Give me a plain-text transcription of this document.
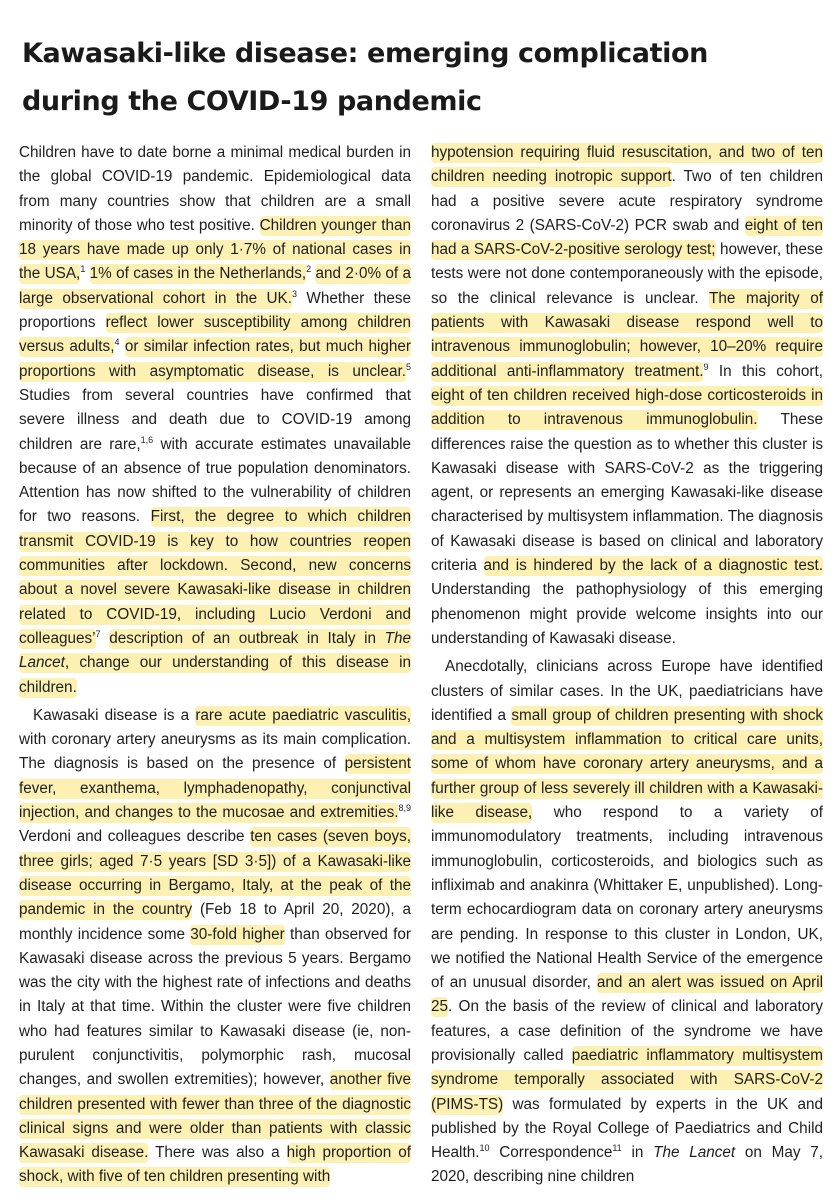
Kawasaki-like disease: emerging complication during the COVID-19 pandemic

Children have to date borne a minimal medical burden in the global COVID-19 pandemic. Epidemiological data from many countries show that children are a small minority of those who test positive. Children younger than 18 years have made up only 1·7% of national cases in the USA,$^1$ 1% of cases in the Netherlands,$^2$ and 2·0% of a large observational cohort in the UK.$^3$ Whether these proportions reflect lower susceptibility among children versus adults,$^4$ or similar infection rates, but much higher proportions with asymptomatic disease, is unclear.$^5$ Studies from several countries have confirmed that severe illness and death due to COVID-19 among children are rare,$^{1,6}$ with accurate estimates unavailable because of an absence of true population denominators. Attention has now shifted to the vulnerability of children for two reasons. First, the degree to which children transmit COVID-19 is key to how countries reopen communities after lockdown. Second, new concerns about a novel severe Kawasaki-like disease in children related to COVID-19, including Lucio Verdoni and colleagues’$^7$ description of an outbreak in Italy in The Lancet, change our understanding of this disease in children.

Kawasaki disease is a rare acute paediatric vasculitis, with coronary artery aneurysms as its main complication. The diagnosis is based on the presence of persistent fever, exanthema, lymphadenopathy, conjunctival injection, and changes to the mucosae and extremities.$^{8,9}$ Verdoni and colleagues describe ten cases (seven boys, three girls; aged 7·5 years [SD 3·5]) of a Kawasaki-like disease occurring in Bergamo, Italy, at the peak of the pandemic in the country (Feb 18 to April 20, 2020), a monthly incidence some 30-fold higher than observed for Kawasaki disease across the previous 5 years. Bergamo was the city with the highest rate of infections and deaths in Italy at that time. Within the cluster were five children who had features similar to Kawasaki disease (ie, non-purulent conjunctivitis, polymorphic rash, mucosal changes, and swollen extremities); however, another five children presented with fewer than three of the diagnostic clinical signs and were older than patients with classic Kawasaki disease. There was also a high proportion of shock, with five of ten children presenting with

hypotension requiring fluid resuscitation, and two of ten children needing inotropic support. Two of ten children had a positive severe acute respiratory syndrome coronavirus 2 (SARS-CoV-2) PCR swab and eight of ten had a SARS-CoV-2-positive serology test; however, these tests were not done contemporaneously with the episode, so the clinical relevance is unclear. The majority of patients with Kawasaki disease respond well to intravenous immunoglobulin; however, 10–20% require additional anti-inflammatory treatment.$^9$ In this cohort, eight of ten children received high-dose corticosteroids in addition to intravenous immunoglobulin. These differences raise the question as to whether this cluster is Kawasaki disease with SARS-CoV-2 as the triggering agent, or represents an emerging Kawasaki-like disease characterised by multisystem inflammation. The diagnosis of Kawasaki disease is based on clinical and laboratory criteria and is hindered by the lack of a diagnostic test. Understanding the pathophysiology of this emerging phenomenon might provide welcome insights into our understanding of Kawasaki disease.

Anecdotally, clinicians across Europe have identified clusters of similar cases. In the UK, paediatricians have identified a small group of children presenting with shock and a multisystem inflammation to critical care units, some of whom have coronary artery aneurysms, and a further group of less severely ill children with a Kawasaki-like disease, who respond to a variety of immunomodulatory treatments, including intravenous immunoglobulin, corticosteroids, and biologics such as infliximab and anakinra (Whittaker E, unpublished). Long-term echocardiogram data on coronary artery aneurysms are pending. In response to this cluster in London, UK, we notified the National Health Service of the emergence of an unusual disorder, and an alert was issued on April 25. On the basis of the review of clinical and laboratory features, a case definition of the syndrome we have provisionally called paediatric inflammatory multisystem syndrome temporally associated with SARS-CoV-2 (PIMS-TS) was formulated by experts in the UK and published by the Royal College of Paediatrics and Child Health.$^{10}$ Correspondence$^{11}$ in The Lancet on May 7, 2020, describing nine children
